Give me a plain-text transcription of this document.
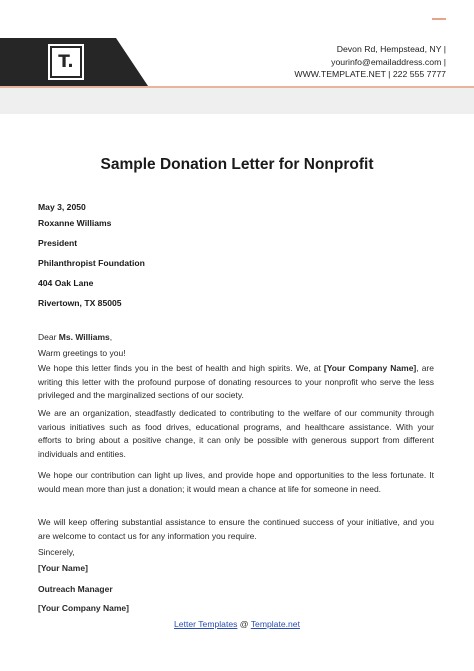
T.
Devon Rd, Hempstead, NY |
yourinfo@emailaddress.com |
WWW.TEMPLATE.NET | 222 555 7777
Sample Donation Letter for Nonprofit
May 3, 2050
Roxanne Williams
President
Philanthropist Foundation
404 Oak Lane
Rivertown, TX 85005
Dear Ms. Williams,
Warm greetings to you!
We hope this letter finds you in the best of health and high spirits. We, at [Your Company Name], are writing this letter with the profound purpose of donating resources to your nonprofit who serve the less privileged and the marginalized sections of our society.
We are an organization, steadfastly dedicated to contributing to the welfare of our community through various initiatives such as food drives, educational programs, and healthcare assistance. With your efforts to bring about a positive change, it can only be possible with generous support from different individuals and entities.
We hope our contribution can light up lives, and provide hope and opportunities to the less fortunate. It would mean more than just a donation; it would mean a chance at life for someone in need.
We will keep offering substantial assistance to ensure the continued success of your initiative, and you are welcome to contact us for any information you require.
Sincerely,
[Your Name]
Outreach Manager
[Your Company Name]
Letter Templates @ Template.net
